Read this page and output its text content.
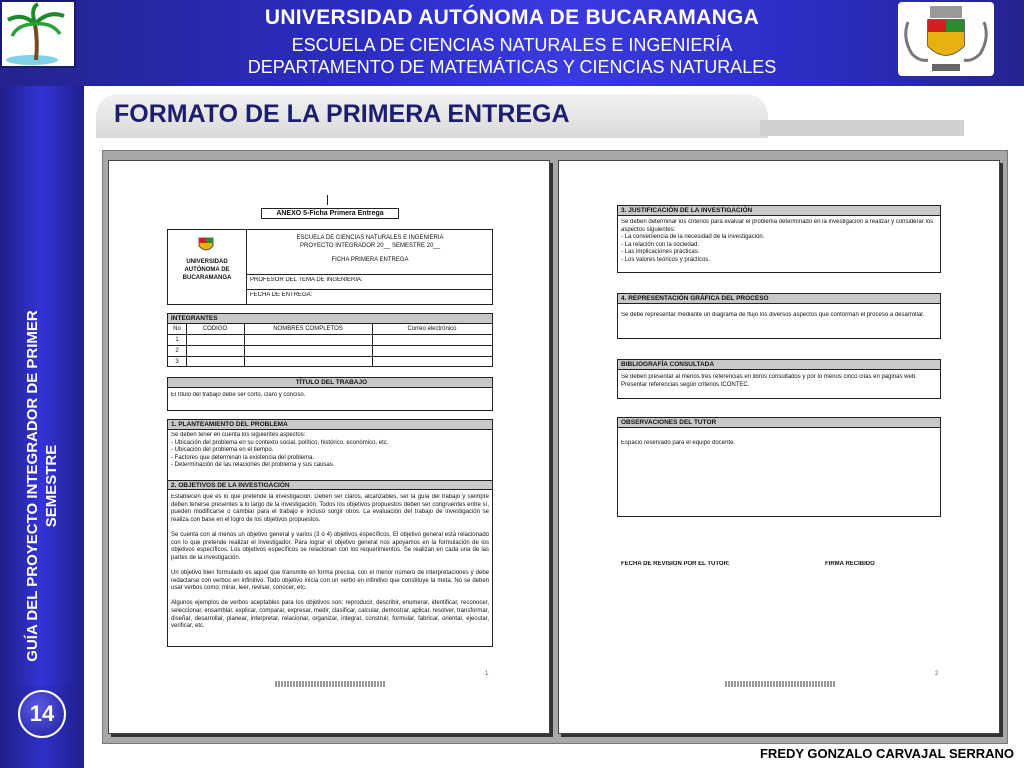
UNIVERSIDAD AUTÓNOMA DE BUCARAMANGA
ESCUELA DE CIENCIAS NATURALES E INGENIERÍA
DEPARTAMENTO DE MATEMÁTICAS Y CIENCIAS NATURALES
GUÍA DEL PROYECTO INTEGRADOR DE PRIMER SEMESTRE
14
FORMATO DE LA PRIMERA ENTREGA
ANEXO 5-Ficha Primera Entrega
UNIVERSIDAD
AUTÓNOMA DE
BUCARAMANGA
ESCUELA DE CIENCIAS NATURALES E INGENIERÍA
PROYECTO INTEGRADOR 20__ SEMESTRE 20__
FICHA PRIMERA ENTREGA
PROFESOR DEL TEMA DE INGENIERÍA:
FECHA DE ENTREGA:
INTEGRANTES
No	CODIGO	NOMBRES COMPLETOS	Correo electrónico
1
2
3
TÍTULO DEL TRABAJO
El título del trabajo debe ser corto, claro y conciso.
1. PLANTEAMIENTO DEL PROBLEMA
Se deben tener en cuenta los siguientes aspectos:
- Ubicación del problema en su contexto social, político, histórico, económico, etc.
- Ubicación del problema en el tiempo.
- Factores que determinan la existencia del problema.
- Determinación de las relaciones del problema y sus causas.
2. OBJETIVOS DE LA INVESTIGACIÓN
Establecen qué es lo que pretende la investigación. Deben ser claros, alcanzables, ser la guía del trabajo y siempre deben tenerse presentes a lo largo de la investigación. Todos los objetivos propuestos deben ser congruentes entre sí, pueden modificarse o cambiar para el trabajo e incluso surgir otros. La evaluación del trabajo de investigación se realiza con base en el logro de los objetivos propuestos.

Se cuenta con al menos un objetivo general y varios (3 ó 4) objetivos específicos. El objetivo general está relacionado con lo que pretende realizar el investigador. Para lograr el objetivo general nos apoyamos en la formulación de los objetivos específicos. Los objetivos específicos se relacionan con los requerimientos. Se realizan en cada una de las partes de la investigación.

Un objetivo bien formulado es aquel que transmite en forma precisa, con el menor número de interpretaciones y debe redactarse con verbos en infinitivo. Todo objetivo inicia con un verbo en infinitivo que constituye la meta. No se deben usar verbos como: mirar, leer, revisar, conocer, etc.

Algunos ejemplos de verbos aceptables para los objetivos son: reproducir, describir, enumerar, identificar, reconocer, seleccionar, ensamblar, explicar, comparar, expresar, medir, clasificar, calcular, demostrar, aplicar, resolver, transformar, diseñar, desarrollar, planear, interpretar, relacionar, organizar, integrar, construir, formular, fabricar, orientar, ejecutar, verificar, etc.
1
3. JUSTIFICACIÓN DE LA INVESTIGACIÓN
Se deben determinar los criterios para evaluar el problema determinado en la investigación a realizar y considerar los aspectos siguientes:
- La conveniencia de la necesidad de la investigación.
- La relación con la sociedad.
- Las implicaciones prácticas.
- Los valores teóricos y prácticos.
4. REPRESENTACIÓN GRÁFICA DEL PROCESO
Se debe representar mediante un diagrama de flujo los diversos aspectos que conforman el proceso a desarrollar.
BIBLIOGRAFÍA CONSULTADA
Se deben presentar al menos tres referencias en libros consultados y por lo menos cinco citas en páginas web. Presentar referencias según criterios ICONTEC.
OBSERVACIONES DEL TUTOR
Espacio reservado para el equipo docente.
FECHA DE REVISIÓN POR EL TUTOR:	FIRMA RECIBIDO
2
FREDY GONZALO CARVAJAL SERRANO
